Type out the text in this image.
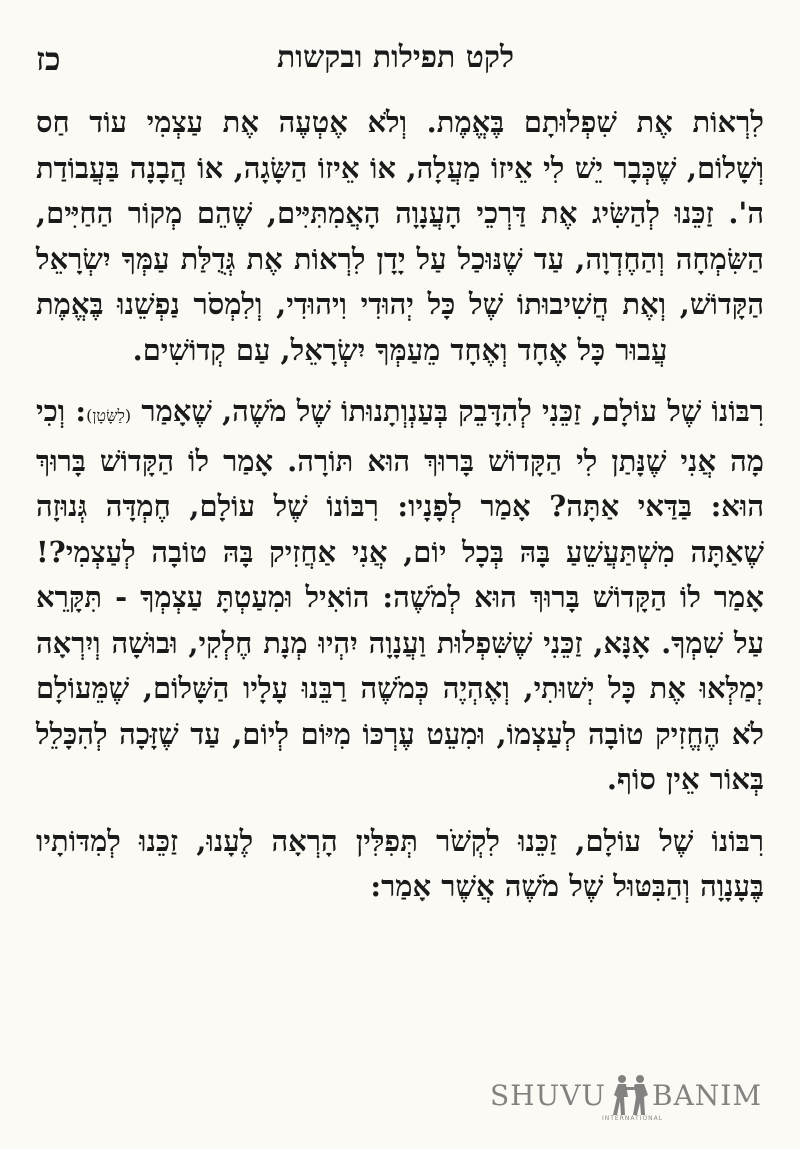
לקט תפילות ובקשות
כז

לִרְאוֹת אֶת שִׁפְלוּתָם בֶּאֱמֶת. וְלֹא אֶטְעֶה אֶת עַצְמִי עוֹד חַס וְשָׁלוֹם, שֶׁכְּבָר יֵשׁ לִי אֵיזוֹ מַעֲלָה, אוֹ אֵיזוֹ הַשָּׂגָה, אוֹ הֲבָנָה בַּעֲבוֹדַת ה'. זַכֵּנוּ לְהַשִּׂיג אֶת דַּרְכֵי הָעֲנָוָה הָאֲמִתִּיִּים, שֶׁהֵם מְקוֹר הַחַיִּים, הַשִּׂמְחָה וְהַחֶדְוָה, עַד שֶׁנּוּכַל עַל יָדָן לִרְאוֹת אֶת גְּדֻלַּת עַמְּךָ יִשְׂרָאֵל הַקָּדוֹשׁ, וְאֶת חֲשִׁיבוּתוֹ שֶׁל כָּל יְהוּדִי וִיהוּדִי, וְלִמְסֹר נַפְשֵׁנוּ בֶּאֱמֶת עֲבוּר כָּל אֶחָד וְאֶחָד מֵעַמְּךָ יִשְׂרָאֵל, עַם קְדוֹשִׁים.

רִבּוֹנוֹ שֶׁל עוֹלָם, זַכֵּנִי לְהִדָּבֵק בְּעַנְוְתָנוּתוֹ שֶׁל מֹשֶׁה, שֶׁאָמַר (לַשָּׂטָן): וְכִי מָה אֲנִי שֶׁנָּתַן לִי הַקָּדוֹשׁ בָּרוּךְ הוּא תּוֹרָה. אָמַר לוֹ הַקָּדוֹשׁ בָּרוּךְ הוּא: בַּדַּאי אַתָּה? אָמַר לְפָנָיו: רִבּוֹנוֹ שֶׁל עוֹלָם, חֶמְדָּה גְּנוּזָה שֶׁאַתָּה מִשְׁתַּעֲשֵׁעַ בָּהּ בְּכָל יוֹם, אֲנִי אַחֲזִיק בָּהּ טוֹבָה לְעַצְמִי?! אָמַר לוֹ הַקָּדוֹשׁ בָּרוּךְ הוּא לְמֹשֶׁה: הוֹאִיל וּמִעַטְתָּ עַצְמְךָ - תִּקָּרֵא עַל שִׁמְךָ. אָנָּא, זַכֵּנִי שֶׁשִּׁפְלוּת וַעֲנָוָה יִהְיוּ מְנָת חֶלְקִי, וּבוּשָׁה וְיִרְאָה יְמַלְּאוּ אֶת כָּל יְשׁוּתִי, וְאֶהְיֶה כְּמֹשֶׁה רַבֵּנוּ עָלָיו הַשָּׁלוֹם, שֶׁמֵּעוֹלָם לֹא הֶחֱזִיק טוֹבָה לְעַצְמוֹ, וּמִעֵט עֶרְכּוֹ מִיּוֹם לְיוֹם, עַד שֶׁזָּכָה לְהִכָּלֵל בְּאוֹר אֵין סוֹף.

רִבּוֹנוֹ שֶׁל עוֹלָם, זַכֵּנוּ לִקְשֹׁר תְּפִלִּין הָרְאָה לֶעָנוּ, זַכֵּנוּ לְמִדּוֹתָיו בֶּעָנָוָה וְהַבִּטּוּל שֶׁל מֹשֶׁה אֲשֶׁר אָמַר:

SHUVU BANIM
INTERNATIONAL
